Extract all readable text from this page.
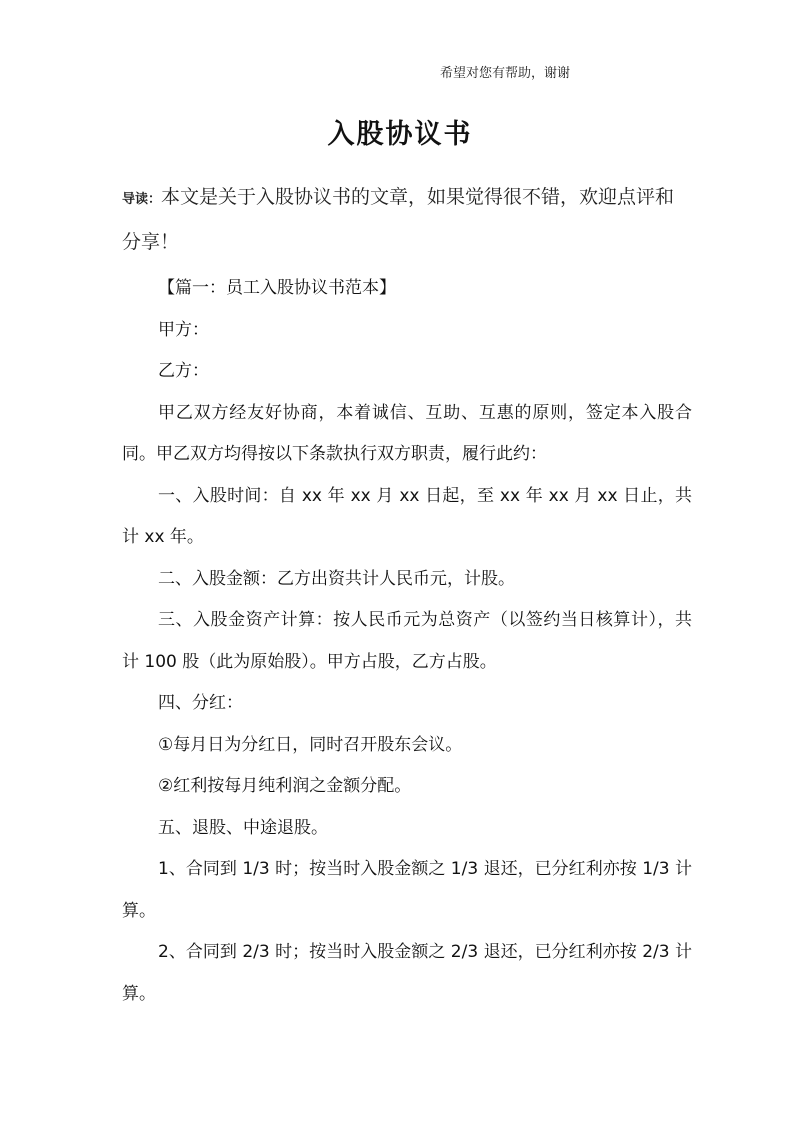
希望对您有帮助，谢谢
入股协议书
导读：本文是关于入股协议书的文章，如果觉得很不错，欢迎点评和分享！

【篇一：员工入股协议书范本】

甲方：

乙方：

甲乙双方经友好协商，本着诚信、互助、互惠的原则，签定本入股合同。甲乙双方均得按以下条款执行双方职责，履行此约：

一、入股时间：自 xx 年 xx 月 xx 日起，至 xx 年 xx 月 xx 日止，共计 xx 年。

二、入股金额：乙方出资共计人民币元，计股。

三、入股金资产计算：按人民币元为总资产（以签约当日核算计），共计 100 股（此为原始股）。甲方占股，乙方占股。

四、分红：

①每月日为分红日，同时召开股东会议。

②红利按每月纯利润之金额分配。

五、退股、中途退股。

1、合同到 1/3 时；按当时入股金额之 1/3 退还，已分红利亦按 1/3 计算。

2、合同到 2/3 时；按当时入股金额之 2/3 退还，已分红利亦按 2/3 计算。
